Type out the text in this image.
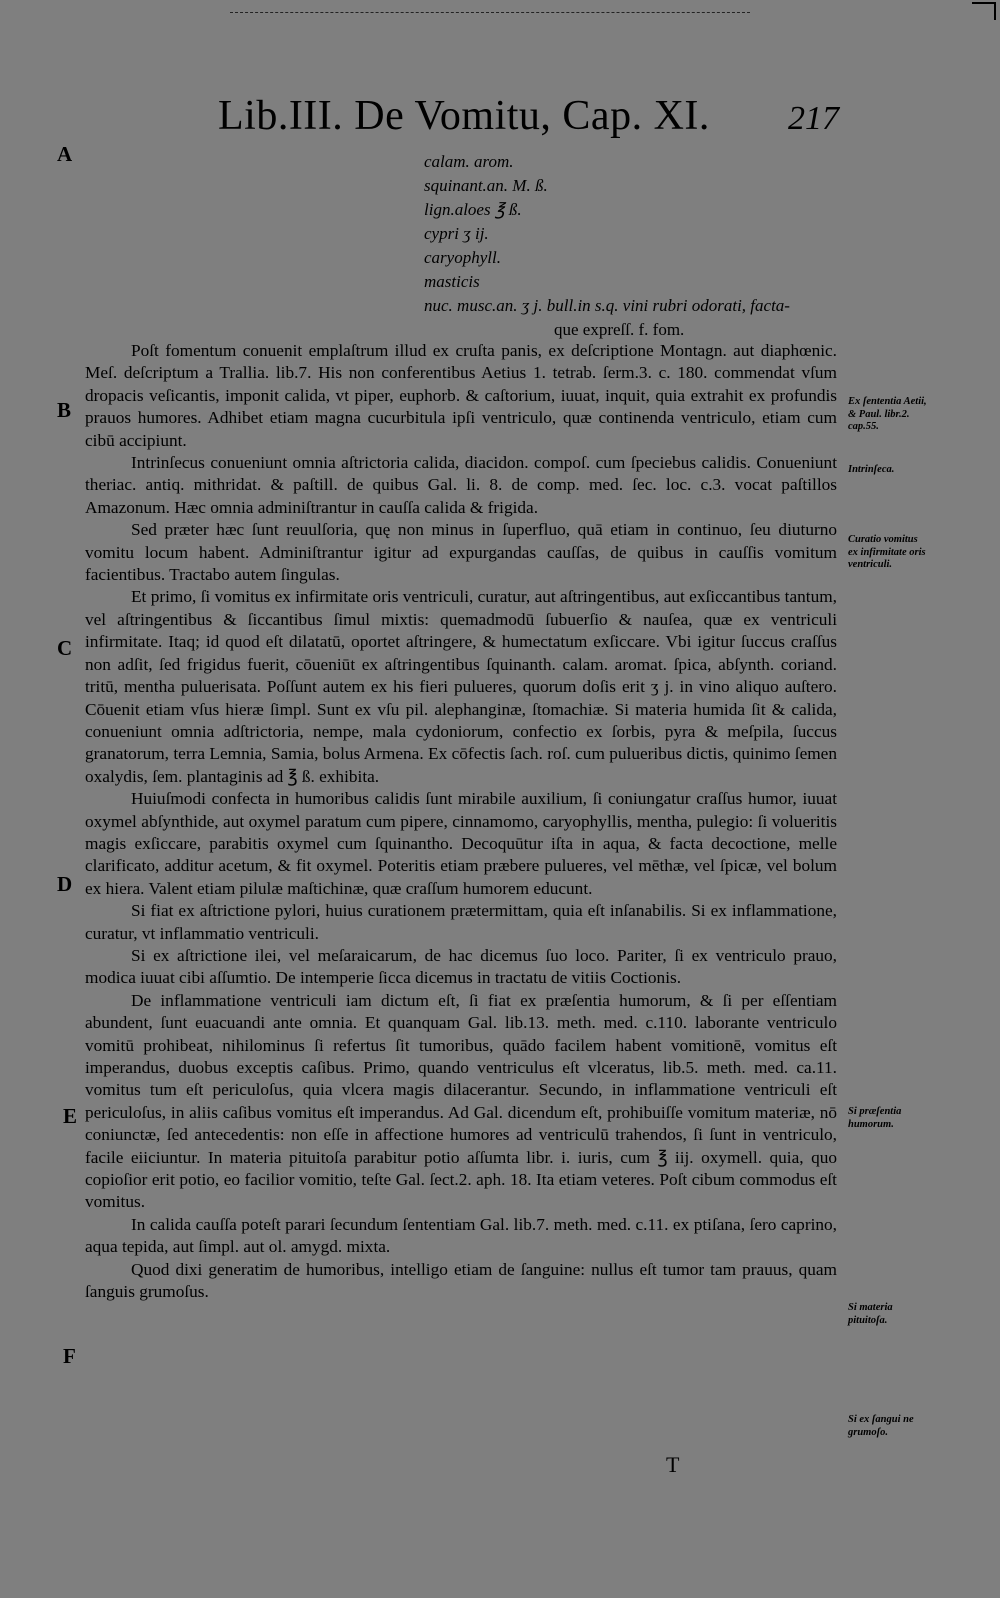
Lib.III. De Vomitu, Cap. XI. 217
A
B
C
D
E
F
calam. arom.
squinant.an. M. ß.
lign.aloes ℥ ß.
cypri ʒ ij.
caryophyll.
masticis
nuc. musc.an. ʒ j. bull.in s.q. vini rubri odorati, facta-
que expreſſ. f. fom.

Poſt fomentum conuenit emplaſtrum illud ex cruſta panis, ex deſcriptione Montagn. aut diaphœnic. Meſ. deſcriptum a Trallia. lib.7. His non conferentibus Aetius 1. tetrab. ſerm.3. c. 180. commendat vſum dropacis veſicantis, imponit calida, vt piper, euphorb. & caſtorium, iuuat, inquit, quia extrahit ex profundis prauos humores. Adhibet etiam magna cucurbitula ipſi ventriculo, quæ continenda ventriculo, etiam cum cibū accipiunt.

Intrinſecus conueniunt omnia aſtrictoria calida, diacidon. compoſ. cum ſpeciebus calidis. Conueniunt theriac. antiq. mithridat. & paſtill. de quibus Gal. li. 8. de comp. med. ſec. loc. c.3. vocat paſtillos Amazonum. Hæc omnia adminiſtrantur in cauſſa calida & frigida.

Sed præter hæc ſunt reuulſoria, quę non minus in ſuperfluo, quā etiam in continuo, ſeu diuturno vomitu locum habent. Adminiſtrantur igitur ad expurgandas cauſſas, de quibus in cauſſis vomitum facientibus. Tractabo autem ſingulas.

Et primo, ſi vomitus ex infirmitate oris ventriculi, curatur, aut aſtringentibus, aut exſiccantibus tantum, vel aſtringentibus & ſiccantibus ſimul mixtis: quemadmodū ſubuerſio & nauſea, quæ ex ventriculi infirmitate. Itaq; id quod eſt dilatatū, oportet aſtringere, & humectatum exſiccare. Vbi igitur ſuccus craſſus non adſit, ſed frigidus fuerit, cōueniūt ex aſtringentibus ſquinanth. calam. aromat. ſpica, abſynth. coriand. tritū, mentha puluerisata. Poſſunt autem ex his fieri pulueres, quorum doſis erit ʒ j. in vino aliquo auſtero. Cōuenit etiam vſus hieræ ſimpl. Sunt ex vſu pil. alephanginæ, ſtomachiæ. Si materia humida ſit & calida, conueniunt omnia adſtrictoria, nempe, mala cydoniorum, confectio ex ſorbis, pyra & meſpila, ſuccus granatorum, terra Lemnia, Samia, bolus Armena. Ex cōfectis ſach. roſ. cum pulueribus dictis, quinimo ſemen oxalydis, ſem. plantaginis ad ℥ ß. exhibita.

Huiuſmodi confecta in humoribus calidis ſunt mirabile auxilium, ſi coniungatur craſſus humor, iuuat oxymel abſynthide, aut oxymel paratum cum pipere, cinnamomo, caryophyllis, mentha, pulegio: ſi volueritis magis exſiccare, parabitis oxymel cum ſquinantho. Decoquūtur iſta in aqua, & facta decoctione, melle clarificato, additur acetum, & fit oxymel. Poteritis etiam præbere pulueres, vel mēthæ, vel ſpicæ, vel bolum ex hiera. Valent etiam pilulæ maſtichinæ, quæ craſſum humorem educunt.

Si fiat ex aſtrictione pylori, huius curationem prætermittam, quia eſt inſanabilis. Si ex inflammatione, curatur, vt inflammatio ventriculi.

Si ex aſtrictione ilei, vel meſaraicarum, de hac dicemus ſuo loco. Pariter, ſi ex ventriculo prauo, modica iuuat cibi aſſumtio. De intemperie ſicca dicemus in tractatu de vitiis Coctionis.

De inflammatione ventriculi iam dictum eſt, ſi fiat ex præſentia humorum, & ſi per eſſentiam abundent, ſunt euacuandi ante omnia. Et quanquam Gal. lib.13. meth. med. c.110. laborante ventriculo vomitū prohibeat, nihilominus ſi refertus ſit tumoribus, quādo facilem habent vomitionē, vomitus eſt imperandus, duobus exceptis caſibus. Primo, quando ventriculus eſt vlceratus, lib.5. meth. med. ca.11. vomitus tum eſt periculoſus, quia vlcera magis dilacerantur. Secundo, in inflammatione ventriculi eſt periculoſus, in aliis caſibus vomitus eſt imperandus. Ad Gal. dicendum eſt, prohibuiſſe vomitum materiæ, nō coniunctæ, ſed antecedentis: non eſſe in affectione humores ad ventriculū trahendos, ſi ſunt in ventriculo, facile eiiciuntur. In materia pituitoſa parabitur potio aſſumta libr. i. iuris, cum ℥ iij. oxymell. quia, quo copioſior erit potio, eo facilior vomitio, teſte Gal. ſect.2. aph. 18. Ita etiam veteres. Poſt cibum commodus eſt vomitus.

In calida cauſſa poteſt parari ſecundum ſententiam Gal. lib.7. meth. med. c.11. ex ptiſana, ſero caprino, aqua tepida, aut ſimpl. aut ol. amygd. mixta.

Quod dixi generatim de humoribus, intelligo etiam de ſanguine: nullus eſt tumor tam prauus, quam ſanguis grumoſus.

Ex ſententia Aetii, & Paul. libr.2. cap.55.
Intrinſeca.
Curatio vomitus ex infirmitate oris ventriculi.
Si præſentia humorum.
Si materia pituitoſa.
Si ex ſangui ne grumoſo.
T
